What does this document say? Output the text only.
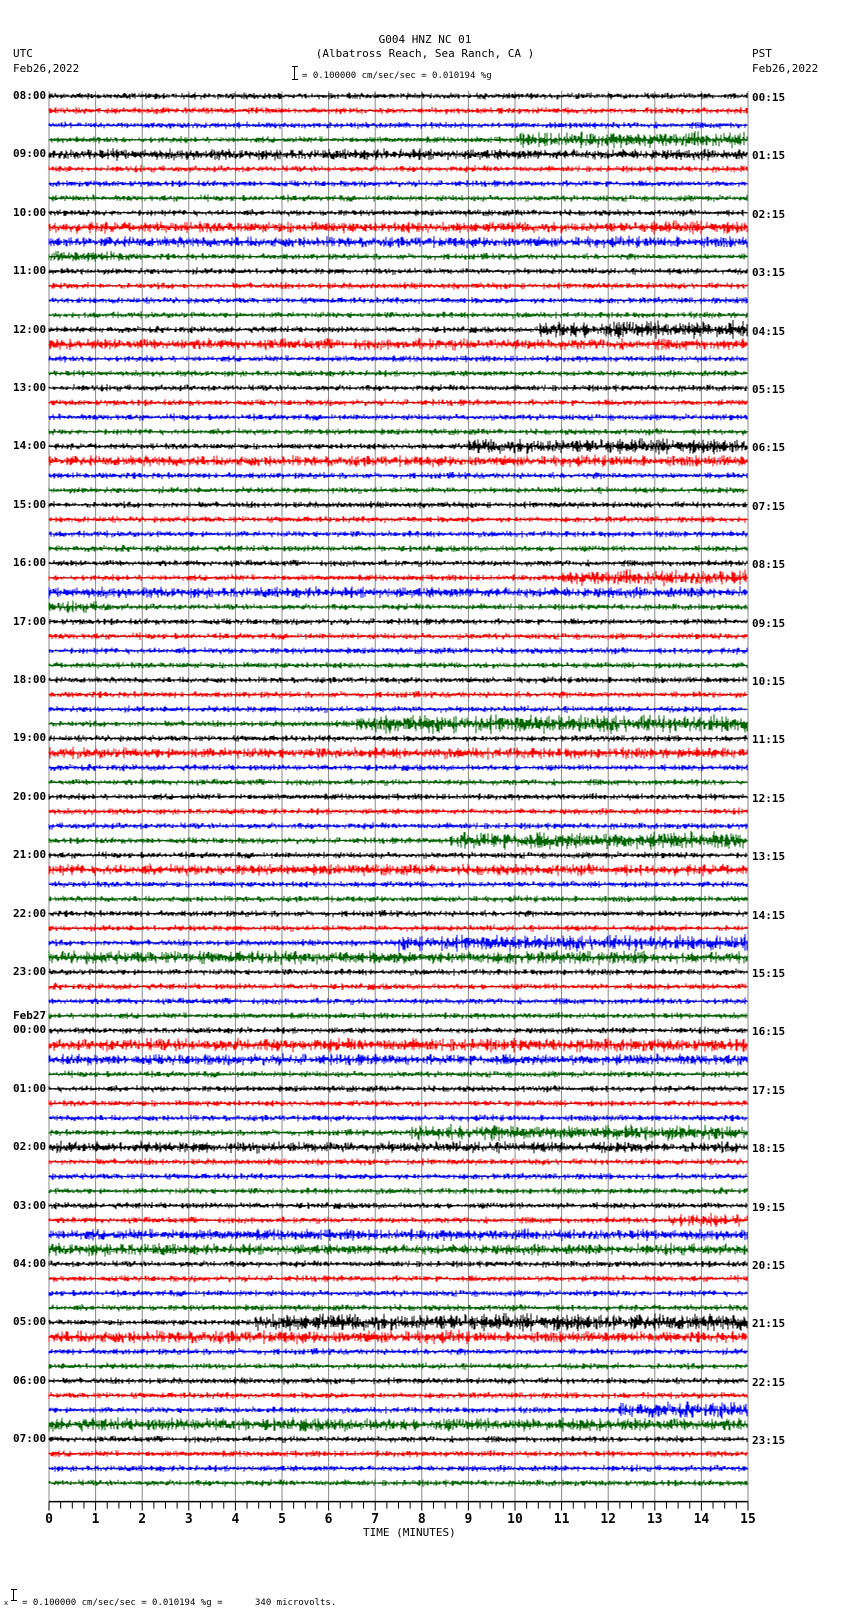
G004 HNZ NC 01
(Albatross Reach, Sea Ranch, CA )
UTC
Feb26,2022
PST
Feb26,2022
= 0.100000 cm/sec/sec = 0.010194 %g
08:00
09:00
10:00
11:00
12:00
13:00
14:00
15:00
16:00
17:00
18:00
19:00
20:00
21:00
22:00
23:00
00:00
Feb27
01:00
02:00
03:00
04:00
05:00
06:00
07:00
00:15
01:15
02:15
03:15
04:15
05:15
06:15
07:15
08:15
09:15
10:15
11:15
12:15
13:15
14:15
15:15
16:15
17:15
18:15
19:15
20:15
21:15
22:15
23:15
0	1	2	3	4	5	6	7	8	9	10 11 12 13 14 15
TIME (MINUTES)
x = 0.100000 cm/sec/sec = 0.010194 %g =      340 microvolts.
